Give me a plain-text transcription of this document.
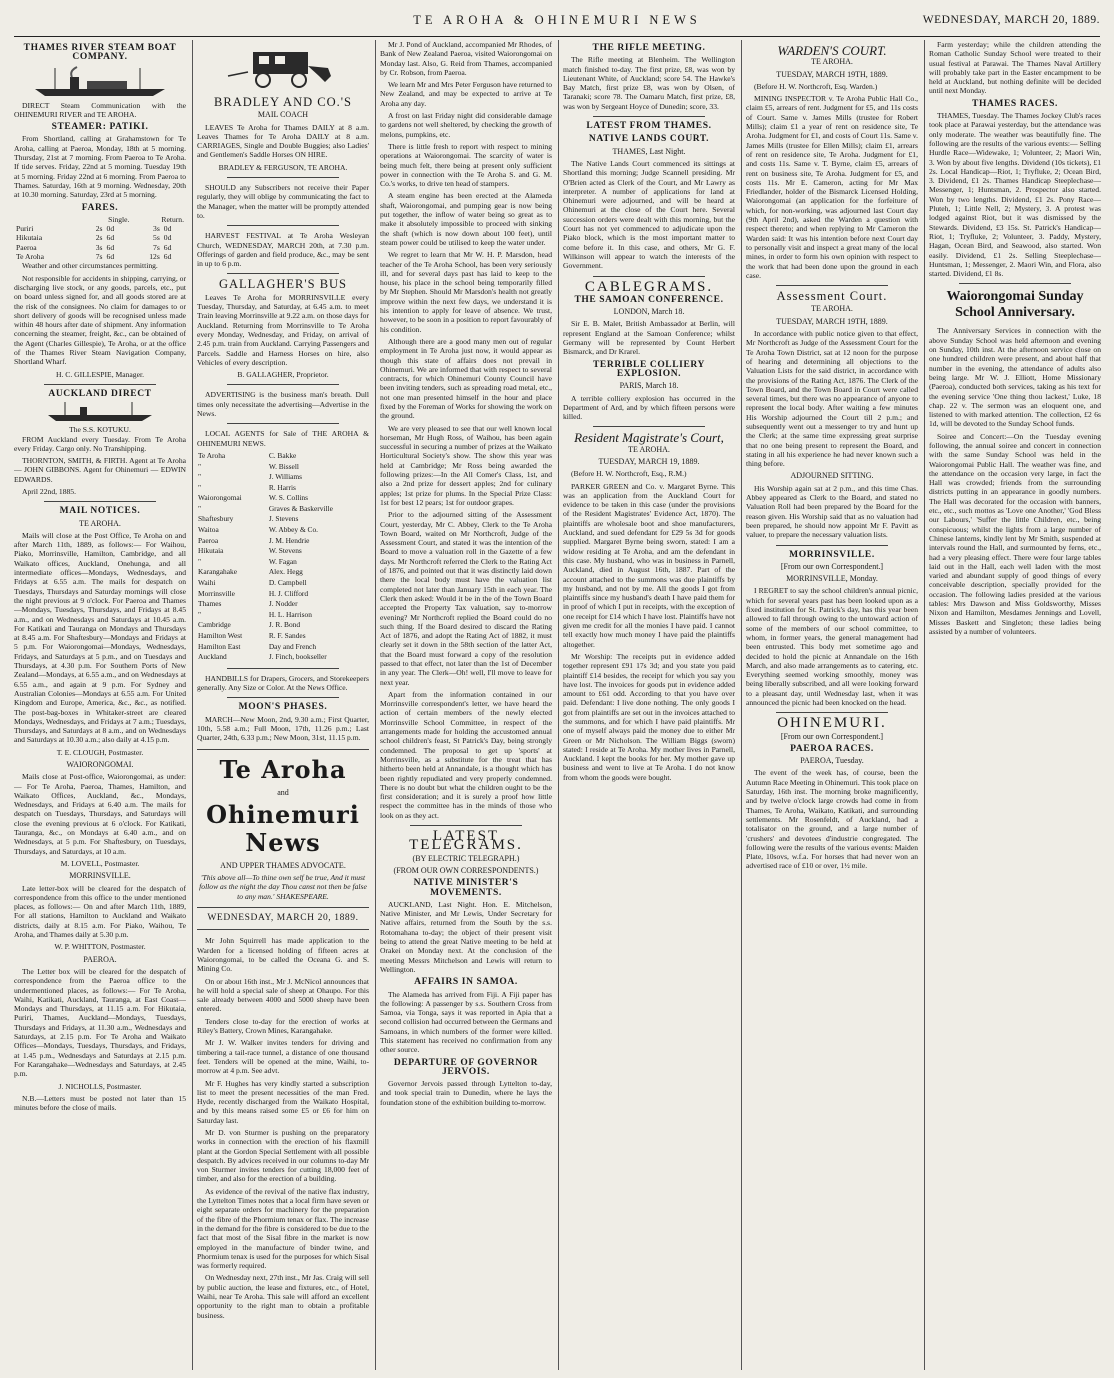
TE AROHA & OHINEMURI NEWS	WEDNESDAY, MARCH 20, 1889.
THAMES RIVER STEAM BOAT COMPANY.

DIRECT Steam Communication with the OHINEMURI RIVER and TE AROHA.

STEAMER: PATIKI.

From Shortland, calling at Grahamstown for Te Aroha, calling at Paeroa, Monday, 18th at 5 morning. Thursday, 21st at 7 morning. From Paeroa to Te Aroha. If tide serves. Friday, 22nd at 5 morning. Tuesday 19th at 5 morning. Friday 22nd at 6 morning. From Paeroa to Thames. Saturday, 16th at 9 morning. Wednesday, 20th at 10.30 morning. Saturday, 23rd at 5 morning.

FARES.
	Single.		Return.	
Puriri	2s	0d	3s	0d
Hikutaia	2s	6d	5s	0d
Paeroa	3s	6d	7s	6d
Te Aroha	7s	6d	12s	6d

Weather and other circumstances permitting.

Not responsible for accidents in shipping, carrying, or discharging live stock, or any goods, parcels, etc., put on board unless signed for, and all goods stored are at the risk of the consignees. No claim for damages to or short delivery of goods will be recognised unless made within 48 hours after date of shipment. Any information concerning the steamer, freight, &c., can be obtained of the Agent (Charles Gillespie), Te Aroha, or at the office of the Thames River Steam Navigation Company, Shortland Wharf.

H. C. GILLESPIE, Manager.

AUCKLAND DIRECT
The S.S. KOTUKU.

FROM Auckland every Tuesday. From Te Aroha every Friday. Cargo only. No Transhipping.

THORNTON, SMITH, & FIRTH. Agent at Te Aroha — JOHN GIBBONS. Agent for Ohinemuri — EDWIN EDWARDS.

April 22nd, 1885.

MAIL NOTICES.
TE AROHA.

Mails will close at the Post Office, Te Aroha on and after March 11th, 1889, as follows:— For Waihou, Piako, Morrinsville, Hamilton, Cambridge, and all Waikato offices, Auckland, Onehunga, and all intermediate offices—Mondays, Wednesdays, and Fridays at 6.55 a.m. The mails for despatch on Tuesdays, Thursdays and Saturday mornings will close the night previous at 9 o'clock. For Paeroa and Thames—Mondays, Tuesdays, Thursdays, and Fridays at 8.45 a.m., and on Wednesdays and Saturdays at 10.45 a.m. For Katikati and Tauranga on Mondays and Thursdays at 8.45 a.m. For Shaftesbury—Mondays and Fridays at 5 p.m. For Waiorongomai—Mondays, Wednesdays, Fridays, and Saturdays at 5 p.m., and on Tuesdays and Thursdays, at 4.30 p.m. For Southern Ports of New Zealand—Mondays, at 6.55 a.m., and on Wednesdays at 6.55 a.m., and again at 9 p.m. For Sydney and Australian Colonies—Mondays at 6.55 a.m. For United Kingdom and Europe, America, &c., &c., as notified. The post-bag-boxes in Whitaker-street are cleared Mondays, Wednesdays, and Fridays at 7 a.m.; Tuesdays, Thursdays, and Saturdays at 8 a.m., and on Wednesdays and Saturdays at 10.30 a.m.; also daily at 4.15 p.m.

T. E. CLOUGH, Postmaster.

WAIORONGOMAI.

Mails close at Post-office, Waiorongomai, as under:— For Te Aroha, Paeroa, Thames, Hamilton, and Waikato Offices, Auckland, &c., Mondays, Wednesdays, and Fridays at 6.40 a.m. The mails for despatch on Tuesdays, Thursdays, and Saturdays will close the evening previous at 6 o'clock. For Katikati, Tauranga, &c., on Mondays at 6.40 a.m., and on Wednesdays, at 5 p.m. For Shaftesbury, on Tuesdays, Thursdays, and Saturdays, at 10 a.m.

M. LOVELL, Postmaster.

MORRINSVILLE.

Late letter-box will be cleared for the despatch of correspondence from this office to the under mentioned places, as follows:— On and after March 11th, 1889, For all stations, Hamilton to Auckland and Waikato districts, daily at 8.15 a.m. For Piako, Waihou, Te Aroha, and Thames daily at 5.30 p.m.

W. P. WHITTON, Postmaster.

PAEROA.

The Letter box will be cleared for the despatch of correspondence from the Paeroa office to the undermentioned places, as follows:— For Te Aroha, Waihi, Katikati, Auckland, Tauranga, at East Coast—Mondays and Thursdays, at 11.15 a.m. For Hikutaia, Puriri, Thames, Auckland—Mondays, Tuesdays, Thursdays and Fridays, at 11.30 a.m., Wednesdays and Saturdays, at 2.15 p.m. For Te Aroha and Waikato Offices—Mondays, Tuesdays, Thursdays, and Fridays, at 1.45 p.m., Wednesdays and Saturdays at 2.15 p.m. For Karangahake—Wednesdays and Saturdays, at 2.45 p.m.

J. NICHOLLS, Postmaster.

N.B.—Letters must be posted not later than 15 minutes before the close of mails.

BRADLEY AND CO.'S
MAIL COACH

LEAVES Te Aroha for Thames DAILY at 8 a.m. Leaves Thames for Te Aroha DAILY at 8 a.m. CARRIAGES, Single and Double Buggies; also Ladies' and Gentlemen's Saddle Horses ON HIRE.

BRADLEY & FERGUSON, TE AROHA.

SHOULD any Subscribers not receive their Paper regularly, they will oblige by communicating the fact to the Manager, when the matter will be promptly attended to.

HARVEST FESTIVAL at Te Aroha Wesleyan Church, WEDNESDAY, MARCH 20th, at 7.30 p.m. Offerings of garden and field produce, &c., may be sent in up to 6 p.m.

GALLAGHER'S BUS

Leaves Te Aroha for MORRINSVILLE every Tuesday, Thursday, and Saturday, at 6.45 a.m. to meet Train leaving Morrinsville at 9.22 a.m. on those days for Auckland. Returning from Morrinsville to Te Aroha every Monday, Wednesday, and Friday, on arrival of 2.45 p.m. train from Auckland. Carrying Passengers and Parcels. Saddle and Harness Horses on hire, also Vehicles of every description.

B. GALLAGHER, Proprietor.

ADVERTISING is the business man's breath. Dull times only necessitate the advertising—Advertise in the News.

LOCAL AGENTS for Sale of THE AROHA & OHINEMURI NEWS.

Te Aroha	C. Bakke
"	W. Bissell
"	J. Williams
"	R. Harris
Waiorongomai	W. S. Collins
"	Graves & Baskerville
Shaftesbury	J. Stevens
Waitoa	W. Abbey & Co.
Paeroa	J. M. Hendrie
Hikutaia	W. Stevens
"	W. Fagan
Karangahake	Alex. Hegg
Waihi	D. Campbell
Morrinsville	H. J. Clifford
Thames	J. Nodder
"	H. L. Harrison
Cambridge	J. R. Bond
Hamilton West	R. F. Sandes
Hamilton East	Day and French
Auckland	J. Finch, bookseller

HANDBILLS for Drapers, Grocers, and Storekeepers generally. Any Size or Color. At the News Office.

MOON'S PHASES.

MARCH—New Moon, 2nd, 9.30 a.m.; First Quarter, 10th, 5.58 a.m.; Full Moon, 17th, 11.26 p.m.; Last Quarter, 24th, 6.33 p.m.; New Moon, 31st, 11.15 p.m.

Te Aroha
and
Ohinemuri News
AND UPPER THAMES ADVOCATE.

'This above all—To thine own self be true, And it must follow as the night the day Thou canst not then be false to any man.' SHAKESPEARE.

WEDNESDAY, MARCH 20, 1889.

Mr John Squirrell has made application to the Warden for a licensed holding of fifteen acres at Waiorongomai, to be called the Oceana G. and S. Mining Co.

On or about 16th inst., Mr J. McNicol announces that he will hold a special sale of sheep at Ohaupo. For this sale already between 4000 and 5000 sheep have been entered.

Tenders close to-day for the erection of works at Riley's Battery, Crown Mines, Karangahake.

Mr J. W. Walker invites tenders for driving and timbering a tail-race tunnel, a distance of one thousand feet. Tenders will be opened at the mine, Waihi, to-morrow at 4 p.m. See advt.

Mr F. Hughes has very kindly started a subscription list to meet the present necessities of the man Fred. Hyde, recently discharged from the Waikato Hospital, and by this means raised some £5 or £6 for him on Saturday last.

Mr D. von Sturmer is pushing on the preparatory works in connection with the erection of his flaxmill plant at the Gordon Special Settlement with all possible despatch. By advices received in our columns to-day Mr von Sturmer invites tenders for cutting 18,000 feet of timber, and also for the erection of a building.

As evidence of the revival of the native flax industry, the Lyttelton Times notes that a local firm have seven or eight separate orders for machinery for the preparation of the fibre of the Phormium tenax or flax. The increase in the demand for the fibre is considered to be due to the fact that most of the Sisal fibre in the market is now employed in the manufacture of binder twine, and Phormium tenax is used for the purposes for which Sisal was formerly required.

On Wednesday next, 27th inst., Mr Jas. Craig will sell by public auction, the lease and fixtures, etc., of Hotel, Waihi, near Te Aroha. This sale will afford an excellent opportunity to the right man to obtain a profitable business.

Mr J. Pond of Auckland, accompanied Mr Rhodes, of Bank of New Zealand Paeroa, visited Waiorongomai on Monday last. Also, G. Reid from Thames, accompanied by Cr. Robson, from Paeroa.

We learn Mr and Mrs Peter Ferguson have returned to New Zealand, and may be expected to arrive at Te Aroha any day.

A frost on last Friday night did considerable damage to gardens not well sheltered, by checking the growth of melons, pumpkins, etc.

There is little fresh to report with respect to mining operations at Waiorongomai. The scarcity of water is being much felt, there being at present only sufficient power in connection with the Te Aroha S. and G. M. Co.'s works, to drive ten head of stampers.

A steam engine has been erected at the Alameda shaft, Waiorongomai, and pumping gear is now being put together, the inflow of water being so great as to make it absolutely impossible to proceed with sinking the shaft (which is now down about 100 feet), until steam power could be utilised to keep the water under.

We regret to learn that Mr W. H. P. Marsdon, head teacher of the Te Aroha School, has been very seriously ill, and for several days past has laid to keep to the house, his place in the school being temporarily filled by Mr Stephen. Should Mr Marsdon's health not greatly improve within the next few days, we understand it is his intention to apply for leave of absence. We trust, however, to be soon in a position to report favourably of his condition.

Although there are a good many men out of regular employment in Te Aroha just now, it would appear as though this state of affairs does not prevail in Ohinemuri. We are informed that with respect to several contracts, for which Ohinemuri County Council have been inviting tenders, such as spreading road metal, etc., not one man presented himself in the hour and place fixed by the Foreman of Works for showing the work on the ground.

We are very pleased to see that our well known local horseman, Mr Hugh Ross, of Waihou, has been again successful in securing a number of prizes at the Waikato Horticultural Society's show. The show this year was held at Cambridge; Mr Ross being awarded the following prizes:—In the All Comer's Class, 1st, and also a 2nd prize for dessert apples; 2nd for culinary apples; 1st prize for plums. In the Special Prize Class: 1st for best 12 pears; 1st for outdoor grapes.

Prior to the adjourned sitting of the Assessment Court, yesterday, Mr C. Abbey, Clerk to the Te Aroha Town Board, waited on Mr Northcroft, Judge of the Assessment Court, and stated it was the intention of the Board to move a valuation roll in the Gazette of a few days. Mr Northcroft referred the Clerk to the Rating Act of 1876, and pointed out that it was distinctly laid down there the local body must have the valuation list completed not later than January 15th in each year. The Clerk then asked: Would it be in the of the Town Board accepted the Property Tax valuation, say to-morrow evening? Mr Northcroft replied the Board could do no such thing. If the Board desired to discard the Rating Act of 1876, and adopt the Rating Act of 1882, it must clearly set it down in the 58th section of the latter Act, that the Board must forward a copy of the resolution passed to that effect, not later than the 1st of December in any year. The Clerk—Oh! well, I'll move to leave for next year.

Apart from the information contained in our Morrinsville correspondent's letter, we have heard the action of certain members of the newly elected Morrinsville School Committee, in respect of the arrangements made for holding the accustomed annual school children's feast, St Patrick's Day, being strongly condemned. The proposal to get up 'sports' at Morrinsville, as a substitute for the treat that has hitherto been held at Annandale, is a thought which has been rightly repudiated and very properly condemned. There is no doubt but what the children ought to be the first consideration; and it is surely a proof how little respect the committee has in the minds of those who look on as they act.

LATEST TELEGRAMS.
(BY ELECTRIC TELEGRAPH.)
(FROM OUR OWN CORRESPONDENTS.)
NATIVE MINISTER'S MOVEMENTS.

AUCKLAND, Last Night. Hon. E. Mitchelson, Native Minister, and Mr Lewis, Under Secretary for Native affairs, returned from the South by the s.s. Rotomahana to-day; the object of their present visit being to attend the great Native meeting to be held at Orakei on Monday next. At the conclusion of the meeting Messrs Mitchelson and Lewis will return to Wellington.

AFFAIRS IN SAMOA.

The Alameda has arrived from Fiji. A Fiji paper has the following: A passenger by s.s. Southern Cross from Samoa, via Tonga, says it was reported in Apia that a second collision had occurred between the Germans and Samoans, in which numbers of the former were killed. This statement has received no confirmation from any other source.

DEPARTURE OF GOVERNOR JERVOIS.

Governor Jervois passed through Lyttelton to-day, and took special train to Dunedin, where he lays the foundation stone of the exhibition building to-morrow.

THE RIFLE MEETING.

The Rifle meeting at Blenheim. The Wellington match finished to-day. The first prize, £8, was won by Lieutenant White, of Auckland; score 54. The Hawke's Bay Match, first prize £8, was won by Olsen, of Taranaki; score 78. The Oamaru Match, first prize, £8, was won by Sergeant Hoyce of Dunedin; score, 33.

LATEST FROM THAMES.
NATIVE LANDS COURT.
THAMES, Last Night.

The Native Lands Court commenced its sittings at Shortland this morning; Judge Scannell presiding. Mr O'Brien acted as Clerk of the Court, and Mr Lawry as interpreter. A number of applications for land at Ohinemuri were adjourned, and will be heard at Ohinemuri at the close of the Court here. Several succession orders were dealt with this morning, but the Court has not yet commenced to adjudicate upon the Piako block, which is the most important matter to come before it. In this case, and others, Mr G. F. Wilkinson will appear to watch the interests of the Government.

CABLEGRAMS.
THE SAMOAN CONFERENCE.
LONDON, March 18.

Sir E. B. Malet, British Ambassador at Berlin, will represent England at the Samoan Conference; whilst Germany will be represented by Count Herbert Bismarck, and Dr Krarel.

TERRIBLE COLLIERY EXPLOSION.
PARIS, March 18.

A terrible colliery explosion has occurred in the Department of Ard, and by which fifteen persons were killed.

Resident Magistrate's Court,
TE AROHA.
TUESDAY, MARCH 19, 1889.

(Before H. W. Northcroft, Esq., R.M.)

PARKER GREEN and Co. v. Margaret Byrne. This was an application from the Auckland Court for evidence to be taken in this case (under the provisions of the Resident Magistrates' Evidence Act, 1870). The plaintiffs are wholesale boot and shoe manufacturers, Auckland, and sued defendant for £29 5s 3d for goods supplied. Margaret Byrne being sworn, stated: I am a widow residing at Te Aroha, and am the defendant in this case. My husband, who was in business in Parnell, Auckland, died in August 16th, 1887. Part of the account attached to the summons was due plaintiffs by my husband, and not by me. All the goods I got from plaintiffs since my husband's death I have paid them for in proof of which I put in receipts, with the exception of one receipt for £14 which I have lost. Plaintiffs have not given me credit for all the monies I have paid. I cannot tell exactly how much money I have paid the plaintiffs altogether.

Mr Worship: The receipts put in evidence added together represent £91 17s 3d; and you state you paid plaintiff £14 besides, the receipt for which you say you have lost. The invoices for goods put in evidence added amount to £61 odd. According to that you have over paid. Defendant: I live done nothing. The only goods I got from plaintiffs are set out in the invoices attached to the summons, and for which I have paid plaintiffs. Mr one of myself always paid the money due to either Mr Green or Mr Nicholson. The William Biggs (sworn) stated: I reside at Te Aroha. My mother lives in Parnell, Auckland. I kept the books for her. My mother gave up business and went to live at Te Aroha. I do not know from whom the goods were bought.

WARDEN'S COURT.
TE AROHA.
TUESDAY, MARCH 19TH, 1889.

(Before H. W. Northcroft, Esq. Warden.)

MINING INSPECTOR v. Te Aroha Public Hall Co., claim £5, arrears of rent. Judgment for £5, and 11s costs of Court. Same v. James Mills (trustee for Robert Mills); claim £1 a year of rent on residence site, Te Aroha. Judgment for £1, and costs of Court 11s. Same v. James Mills (trustee for Ellen Mills); claim £1, arrears of rent on residence site, Te Aroha. Judgment for £1, and costs 11s. Same v. T. Byrne, claim £5, arrears of rent on business site, Te Aroha. Judgment for £5, and costs 11s. Mr E. Cameron, acting for Mr Max Friedlander, holder of the Bismarck Licensed Holding, Waiorongomai (an application for the forfeiture of which, for non-working, was adjourned last Court day (9th April 2nd), asked the Warden a question with respect thereto; and when replying to Mr Cameron the Warden said: It was his intention before next Court day to personally visit and inspect a great many of the local mines, in order to form his own opinion with respect to the work that had been done upon the ground in each case.

Assessment Court.
TE AROHA.
TUESDAY, MARCH 19TH, 1889.

In accordance with public notice given to that effect, Mr Northcroft as Judge of the Assessment Court for the Te Aroha Town District, sat at 12 noon for the purpose of hearing and determining all objections to the Valuation Lists for the said district, in accordance with the provisions of the Rating Act, 1876. The Clerk of the Town Board, and the Town Board in Court were called several times, but there was no appearance of anyone to represent the local body. After waiting a few minutes His Worship adjourned the Court till 2 p.m.; and subsequently went out a messenger to try and hunt up the Clerk; at the same time expressing great surprise that no one being present to represent the Board, and stating in all his experience he had never known such a thing before.

ADJOURNED SITTING.

His Worship again sat at 2 p.m., and this time Chas. Abbey appeared as Clerk to the Board, and stated no Valuation Roll had been prepared by the Board for the reason given. His Worship said that as no valuation had been prepared, he should now appoint Mr F. Pavitt as valuer, to prepare the necessary valuation lists.

MORRINSVILLE.
[From our own Correspondent.]
MORRINSVILLE, Monday.

I REGRET to say the school children's annual picnic, which for several years past has been looked upon as a fixed institution for St. Patrick's day, has this year been allowed to fall through owing to the untoward action of some of the members of our school committee, to whom, in former years, the general management had been entrusted. This body met sometime ago and decided to hold the picnic at Annandale on the 16th March, and also made arrangements as to catering, etc. Everything seemed working smoothly, money was being liberally subscribed, and all were looking forward to a pleasant day, until Wednesday last, when it was announced the picnic had been knocked on the head.

OHINEMURI.
[From our own Correspondent.]
PAEROA RACES.
PAEROA, Tuesday.

The event of the week has, of course, been the Autumn Race Meeting in Ohinemuri. This took place on Saturday, 16th inst. The morning broke magnificently, and by twelve o'clock large crowds had come in from Thames, Te Aroha, Waikato, Katikati, and surrounding settlements. Mr Rosenfeldt, of Auckland, had a totalisator on the ground, and a large number of 'crushers' and devotees d'industrie congregated. The following were the results of the various events: Maiden Plate, 10sovs, w.f.a. For horses that had never won an advertised race of £10 or over, 1½ mile.

Farm yesterday; while the children attending the Roman Catholic Sunday School were treated to their usual festival at Parawai. The Thames Naval Artillery will probably take part in the Easter encampment to be held at Auckland, but nothing definite will be decided until next Monday.

THAMES RACES.

THAMES, Tuesday. The Thames Jockey Club's races took place at Parawai yesterday, but the attendance was only moderate. The weather was beautifully fine. The following are the results of the various events:— Selling Hurdle Race—Widewake, 1; Volunteer, 2; Maori Win, 3. Won by about five lengths. Dividend (10s tickets), £1 2s. Local Handicap—Riot, 1; Tryfluke, 2; Ocean Bird, 3. Dividend, £1 2s. Thames Handicap Steeplechase—Messenger, 1; Huntsman, 2. Prospector also started. Won by two lengths. Dividend, £1 2s. Pony Race—Pluteh, 1; Little Nell, 2; Mystery, 3. A protest was lodged against Riot, but it was dismissed by the Stewards. Dividend, £3 15s. St. Patrick's Handicap—Riot, 1; Tryfluke, 2; Volunteer, 3. Paddy, Mystery, Hagan, Ocean Bird, and Seawood, also started. Won easily. Dividend, £1 2s. Selling Steeplechase—Huntsman, 1; Messenger, 2. Maori Win, and Flora, also started. Dividend, £1 8s.

Waiorongomai Sunday School Anniversary.

The Anniversary Services in connection with the above Sunday School was held afternoon and evening on Sunday, 10th inst. At the afternoon service close on one hundred children were present, and about half that number in the evening, the attendance of adults also being large. Mr W. J. Elliott, Home Missionary (Paeroa), conducted both services, taking as his text for the evening service 'One thing thou lackest,' Luke, 18 chap. 22 v. The sermon was an eloquent one, and listened to with marked attention. The collection, £2 6s 1d, will be devoted to the Sunday School funds.

Soiree and Concert:—On the Tuesday evening following, the annual soiree and concert in connection with the same Sunday School was held in the Waiorongomai Public Hall. The weather was fine, and the attendance on the occasion very large, in fact the Hall was crowded; friends from the surrounding districts putting in an appearance in goodly numbers. The Hall was decorated for the occasion with banners, etc., etc., such mottos as 'Love one Another,' 'God Bless our Labours,' 'Suffer the little Children, etc., being conspicuous; whilst the lights from a large number of Chinese lanterns, kindly lent by Mr Smith, suspended at intervals round the Hall, and surmounted by ferns, etc., had a very pleasing effect. There were four large tables laid out in the Hall, each well laden with the most varied and abundant supply of good things of every conceivable description, specially provided for the occasion. The following ladies presided at the various tables: Mrs Dawson and Miss Goldsworthy, Misses Nixon and Hamilton, Mesdames Jennings and Lovell, Misses Baskett and Singleton; these ladies being assisted by a number of volunteers.
